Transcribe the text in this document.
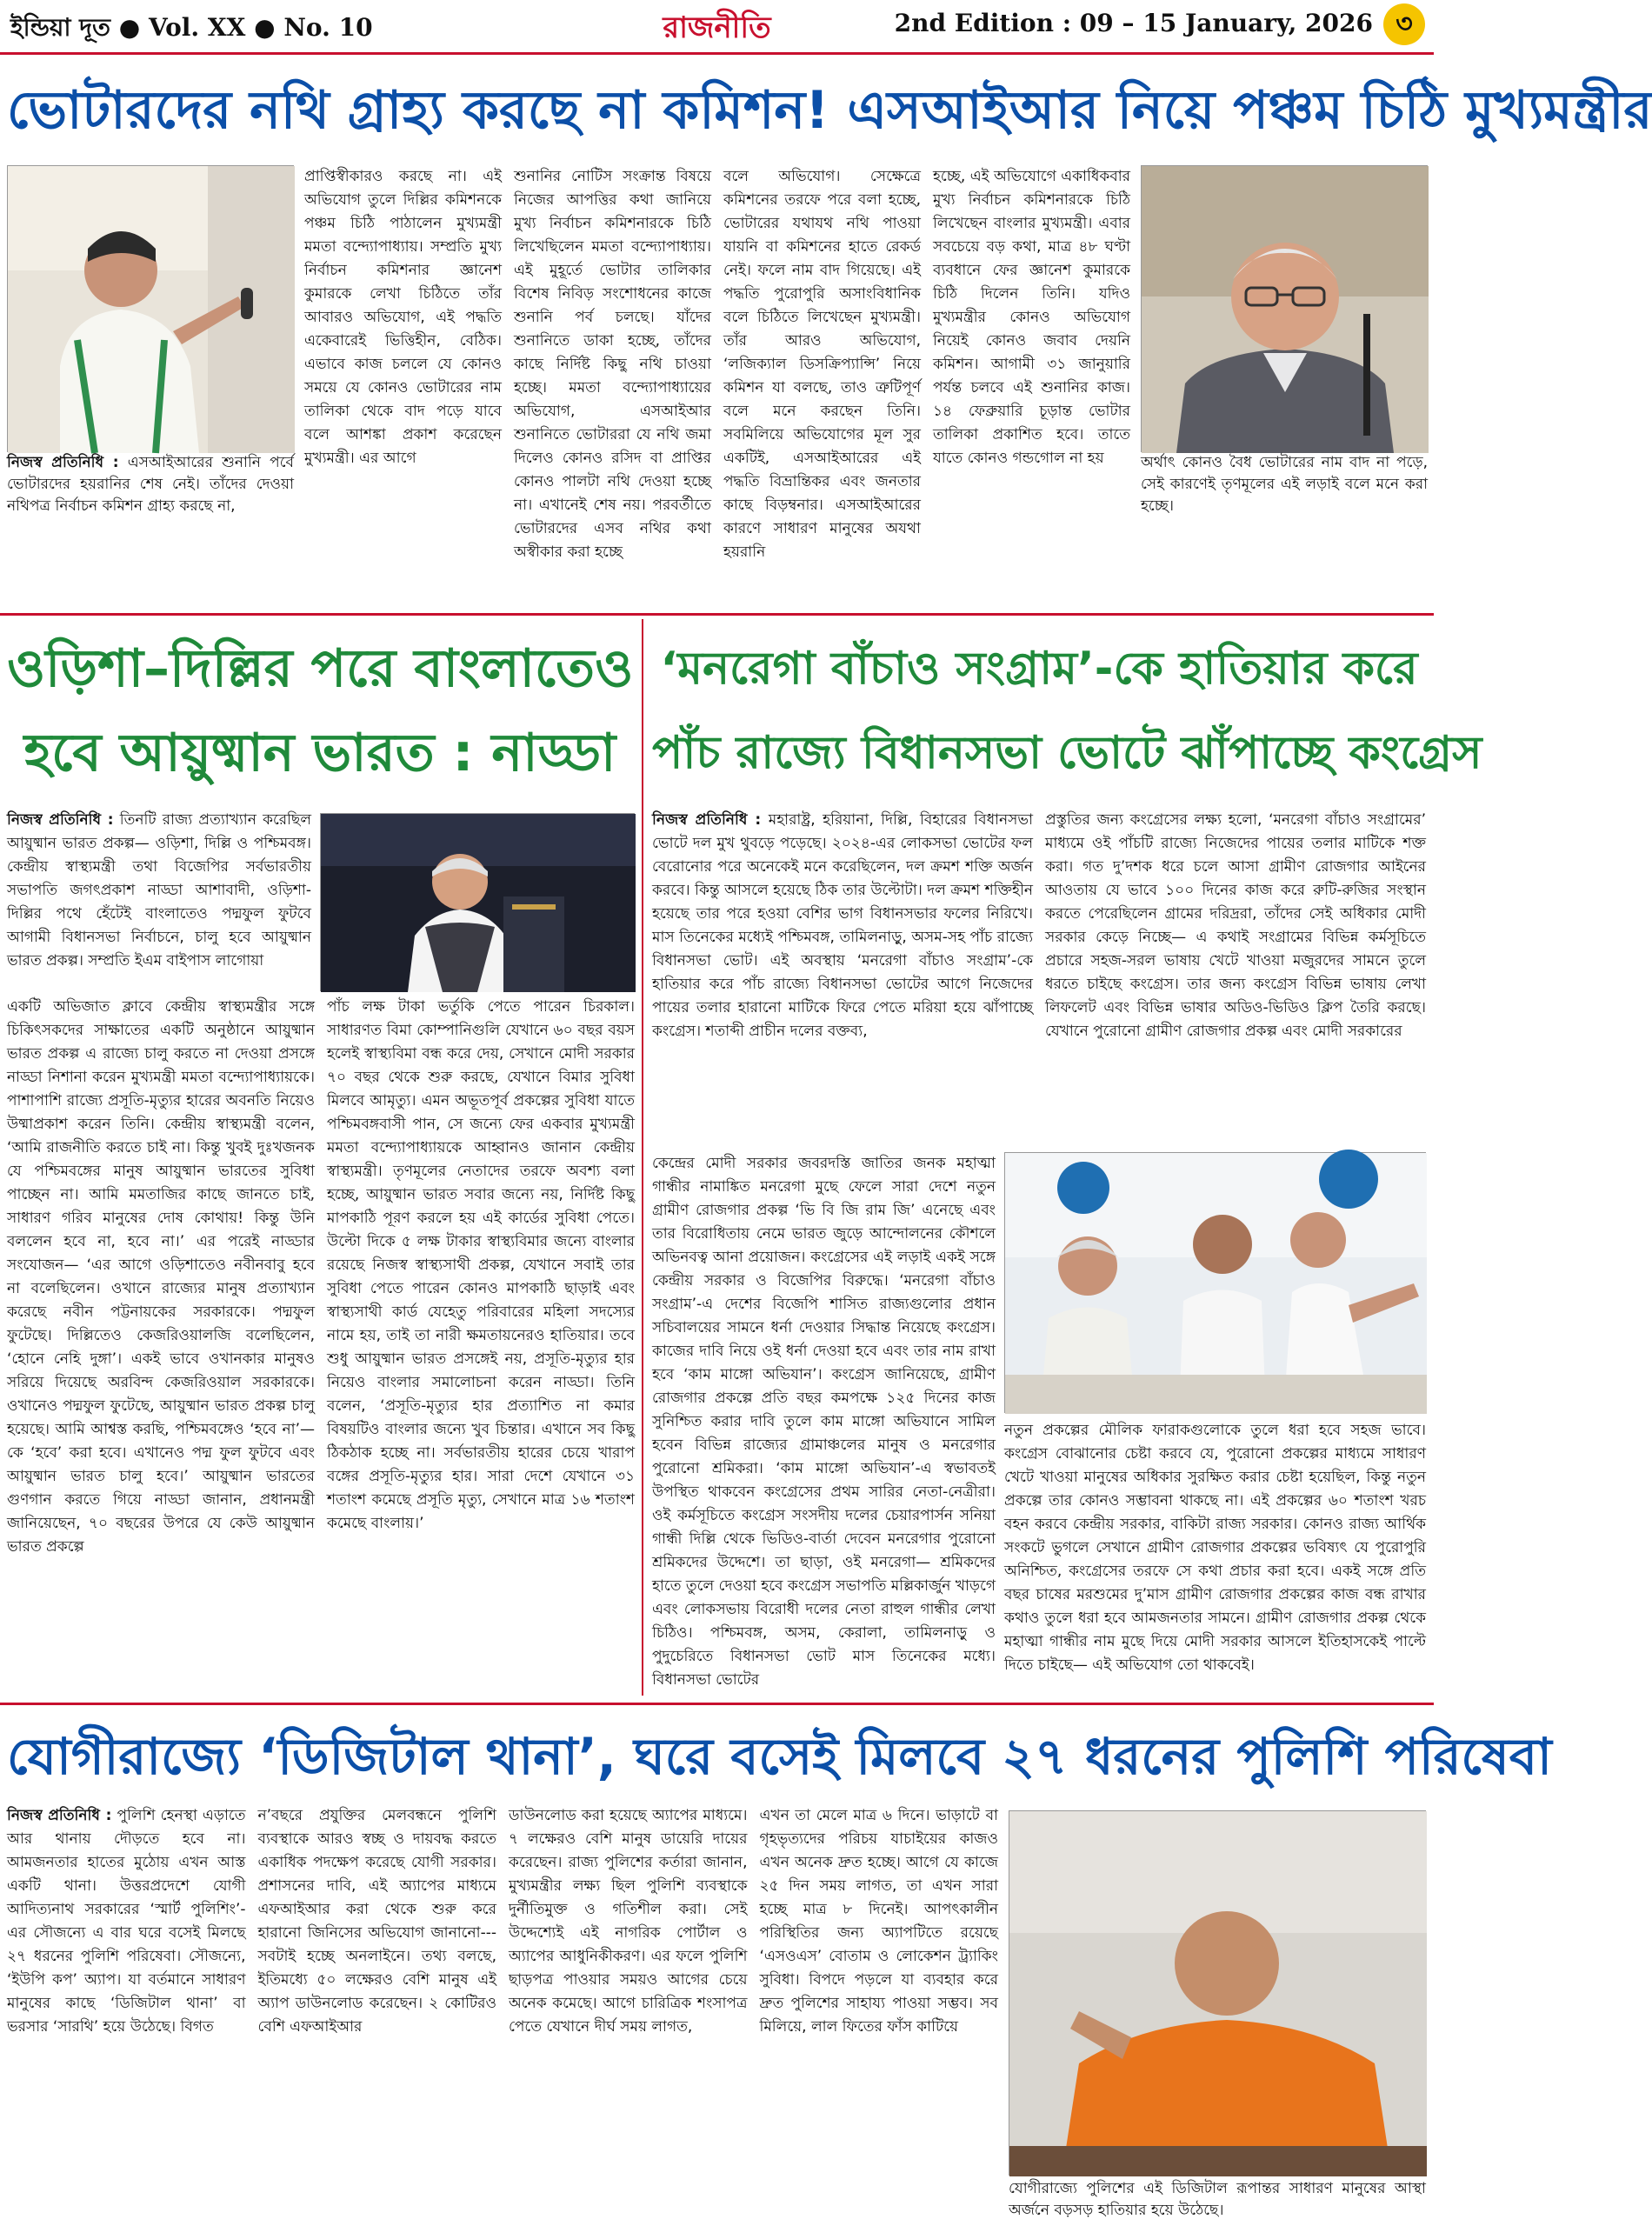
ইন্ডিয়া দূত ● Vol. XX ● No. 10	রাজনীতি	2nd Edition : 09 – 15 January, 2026 ৩
ভোটারদের নথি গ্রাহ্য করছে না কমিশন! এসআইআর নিয়ে পঞ্চম চিঠি মুখ্যমন্ত্রীর
নিজস্ব প্রতিনিধি : এসআইআরের শুনানি পর্বে ভোটারদের হয়রানির শেষ নেই। তাঁদের দেওয়া নথিপত্র নির্বাচন কমিশন গ্রাহ্য করছে না,
প্রাপ্তিস্বীকারও করছে না। এই অভিযোগ তুলে দিল্লির কমিশনকে পঞ্চম চিঠি পাঠালেন মুখ্যমন্ত্রী মমতা বন্দ্যোপাধ্যায়। সম্প্রতি মুখ্য নির্বাচন কমিশনার জ্ঞানেশ কুমারকে লেখা চিঠিতে তাঁর আবারও অভিযোগ, এই পদ্ধতি একেবারেই ভিত্তিহীন, বেঠিক। এভাবে কাজ চললে যে কোনও সময়ে যে কোনও ভোটারের নাম তালিকা থেকে বাদ পড়ে যাবে বলে আশঙ্কা প্রকাশ করেছেন মুখ্যমন্ত্রী। এর আগে
শুনানির নোটিস সংক্রান্ত বিষয়ে নিজের আপত্তির কথা জানিয়ে মুখ্য নির্বাচন কমিশনারকে চিঠি লিখেছিলেন মমতা বন্দ্যোপাধ্যায়। এই মুহূর্তে ভোটার তালিকার বিশেষ নিবিড় সংশোধনের কাজে শুনানি পর্ব চলছে। যাঁদের শুনানিতে ডাকা হচ্ছে, তাঁদের কাছে নির্দিষ্ট কিছু নথি চাওয়া হচ্ছে। মমতা বন্দ্যোপাধ্যায়ের অভিযোগ, এসআইআর শুনানিতে ভোটাররা যে নথি জমা দিলেও কোনও রসিদ বা প্রাপ্তির কোনও পালটা নথি দেওয়া হচ্ছে না। এখানেই শেষ নয়। পরবর্তীতে ভোটারদের এসব নথির কথা অস্বীকার করা হচ্ছে
বলে অভিযোগ। সেক্ষেত্রে কমিশনের তরফে পরে বলা হচ্ছে, ভোটারের যথাযথ নথি পাওয়া যায়নি বা কমিশনের হাতে রেকর্ড নেই। ফলে নাম বাদ গিয়েছে। এই পদ্ধতি পুরোপুরি অসাংবিধানিক বলে চিঠিতে লিখেছেন মুখ্যমন্ত্রী। তাঁর আরও অভিযোগ, ‘লজিক্যাল ডিসক্রিপ্যান্সি’ নিয়ে কমিশন যা বলছে, তাও ত্রুটিপূর্ণ বলে মনে করছেন তিনি। সবমিলিয়ে অভিযোগের মূল সুর একটিই, এসআইআরের এই পদ্ধতি বিভ্রান্তিকর এবং জনতার কাছে বিড়ম্বনার। এসআইআরের কারণে সাধারণ মানুষের অযথা হয়রানি
হচ্ছে, এই অভিযোগে একাধিকবার মুখ্য নির্বাচন কমিশনারকে চিঠি লিখেছেন বাংলার মুখ্যমন্ত্রী। এবার সবচেয়ে বড় কথা, মাত্র ৪৮ ঘণ্টা ব্যবধানে ফের জ্ঞানেশ কুমারকে চিঠি দিলেন তিনি। যদিও মুখ্যমন্ত্রীর কোনও অভিযোগ নিয়েই কোনও জবাব দেয়নি কমিশন। আগামী ৩১ জানুয়ারি পর্যন্ত চলবে এই শুনানির কাজ। ১৪ ফেব্রুয়ারি চূড়ান্ত ভোটার তালিকা প্রকাশিত হবে। তাতে যাতে কোনও গন্ডগোল না হয়	অর্থাৎ কোনও বৈধ ভোটারের নাম বাদ না পড়ে, সেই কারণেই তৃণমূলের এই লড়াই বলে মনে করা হচ্ছে।
ওড়িশা–দিল্লির পরে বাংলাতেও
হবে আয়ুষ্মান ভারত : নাড্ডা
নিজস্ব প্রতিনিধি : তিনটি রাজ্য প্রত্যাখ্যান করেছিল আয়ুষ্মান ভারত প্রকল্প— ওড়িশা, দিল্লি ও পশ্চিমবঙ্গ। কেন্দ্রীয় স্বাস্থ্যমন্ত্রী তথা বিজেপির সর্বভারতীয় সভাপতি জগৎপ্রকাশ নাড্ডা আশাবাদী, ওড়িশা-দিল্লির পথে হেঁটেই বাংলাতেও পদ্মফুল ফুটবে আগামী বিধানসভা নির্বাচনে, চালু হবে আয়ুষ্মান ভারত প্রকল্প। সম্প্রতি ইএম বাইপাস লাগোয়া
একটি অভিজাত ক্লাবে কেন্দ্রীয় স্বাস্থ্যমন্ত্রীর সঙ্গে চিকিৎসকদের সাক্ষাতের একটি অনুষ্ঠানে আয়ুষ্মান ভারত প্রকল্প এ রাজ্যে চালু করতে না দেওয়া প্রসঙ্গে নাড্ডা নিশানা করেন মুখ্যমন্ত্রী মমতা বন্দ্যোপাধ্যায়কে। পাশাপাশি রাজ্যে প্রসূতি-মৃত্যুর হারের অবনতি নিয়েও উষ্মাপ্রকাশ করেন তিনি। কেন্দ্রীয় স্বাস্থ্যমন্ত্রী বলেন, ‘আমি রাজনীতি করতে চাই না। কিন্তু খুবই দুঃখজনক যে পশ্চিমবঙ্গের মানুষ আয়ুষ্মান ভারতের সুবিধা পাচ্ছেন না। আমি মমতাজির কাছে জানতে চাই, সাধারণ গরিব মানুষের দোষ কোথায়! কিন্তু উনি বললেন হবে না, হবে না।’ এর পরেই নাড্ডার সংযোজন— ‘এর আগে ওড়িশাতেও নবীনবাবু হবে না বলেছিলেন। ওখানে রাজ্যের মানুষ প্রত্যাখ্যান করেছে নবীন পট্টনায়কের সরকারকে। পদ্মফুল ফুটেছে। দিল্লিতেও কেজরিওয়ালজি বলেছিলেন, ‘হোনে নেহি দুঙ্গা’। একই ভাবে ওখানকার মানুষও সরিয়ে দিয়েছে অরবিন্দ কেজরিওয়াল সরকারকে। ওখানেও পদ্মফুল ফুটেছে, আয়ুষ্মান ভারত প্রকল্প চালু হয়েছে। আমি আশ্বস্ত করছি, পশ্চিমবঙ্গেও ‘হবে না’— কে ‘হবে’ করা হবে। এখানেও পদ্ম ফুল ফুটবে এবং আয়ুষ্মান ভারত চালু হবে।’ আয়ুষ্মান ভারতের গুণগান করতে গিয়ে নাড্ডা জানান, প্রধানমন্ত্রী জানিয়েছেন, ৭০ বছরের উপরে যে কেউ আয়ুষ্মান ভারত প্রকল্পে
পাঁচ লক্ষ টাকা ভর্তুকি পেতে পারেন চিরকাল। সাধারণত বিমা কোম্পানিগুলি যেখানে ৬০ বছর বয়স হলেই স্বাস্থ্যবিমা বন্ধ করে দেয়, সেখানে মোদী সরকার ৭০ বছর থেকে শুরু করছে, যেখানে বিমার সুবিধা মিলবে আমৃত্যু। এমন অভূতপূর্ব প্রকল্পের সুবিধা যাতে পশ্চিমবঙ্গবাসী পান, সে জন্যে ফের একবার মুখ্যমন্ত্রী মমতা বন্দ্যোপাধ্যায়কে আহ্বানও জানান কেন্দ্রীয় স্বাস্থ্যমন্ত্রী। তৃণমূলের নেতাদের তরফে অবশ্য বলা হচ্ছে, আয়ুষ্মান ভারত সবার জন্যে নয়, নির্দিষ্ট কিছু মাপকাঠি পূরণ করলে হয় এই কার্ডের সুবিধা পেতে। উল্টো দিকে ৫ লক্ষ টাকার স্বাস্থ্যবিমার জন্যে বাংলার রয়েছে নিজস্ব স্বাস্থ্যসাথী প্রকল্প, যেখানে সবাই তার সুবিধা পেতে পারেন কোনও মাপকাঠি ছাড়াই এবং স্বাস্থ্যসাথী কার্ড যেহেতু পরিবারের মহিলা সদস্যের নামে হয়, তাই তা নারী ক্ষমতায়নেরও হাতিয়ার। তবে শুধু আয়ুষ্মান ভারত প্রসঙ্গেই নয়, প্রসূতি-মৃত্যুর হার নিয়েও বাংলার সমালোচনা করেন নাড্ডা। তিনি বলেন, ‘প্রসূতি-মৃত্যুর হার প্রত্যাশিত না কমার বিষয়টিও বাংলার জন্যে খুব চিন্তার। এখানে সব কিছু ঠিকঠাক হচ্ছে না। সর্বভারতীয় হারের চেয়ে খারাপ বঙ্গের প্রসূতি-মৃত্যুর হার। সারা দেশে যেখানে ৩১ শতাংশ কমেছে প্রসূতি মৃত্যু, সেখানে মাত্র ১৬ শতাংশ কমেছে বাংলায়।’
‘মনরেগা বাঁচাও সংগ্রাম’-কে হাতিয়ার করে
পাঁচ রাজ্যে বিধানসভা ভোটে ঝাঁপাচ্ছে কংগ্রেস
নিজস্ব প্রতিনিধি : মহারাষ্ট্র, হরিয়ানা, দিল্লি, বিহারের বিধানসভা ভোটে দল মুখ থুবড়ে পড়েছে। ২০২৪-এর লোকসভা ভোটের ফল বেরোনোর পরে অনেকেই মনে করেছিলেন, দল ক্রমশ শক্তি অর্জন করবে। কিন্তু আসলে হয়েছে ঠিক তার উল্টোটা। দল ক্রমশ শক্তিহীন হয়েছে তার পরে হওয়া বেশির ভাগ বিধানসভার ফলের নিরিখে। মাস তিনেকের মধ্যেই পশ্চিমবঙ্গ, তামিলনাড়ু, অসম-সহ পাঁচ রাজ্যে বিধানসভা ভোট। এই অবস্থায় ‘মনরেগা বাঁচাও সংগ্রাম’-কে হাতিয়ার করে পাঁচ রাজ্যে বিধানসভা ভোটের আগে নিজেদের পায়ের তলার হারানো মাটিকে ফিরে পেতে মরিয়া হয়ে ঝাঁপাচ্ছে কংগ্রেস। শতাব্দী প্রাচীন দলের বক্তব্য,
প্রস্তুতির জন্য কংগ্রেসের লক্ষ্য হলো, ‘মনরেগা বাঁচাও সংগ্রামের’ মাধ্যমে ওই পাঁচটি রাজ্যে নিজেদের পায়ের তলার মাটিকে শক্ত করা। গত দু’দশক ধরে চলে আসা গ্রামীণ রোজগার আইনের আওতায় যে ভাবে ১০০ দিনের কাজ করে রুটি-রুজির সংস্থান করতে পেরেছিলেন গ্রামের দরিদ্ররা, তাঁদের সেই অধিকার মোদী সরকার কেড়ে নিচ্ছে— এ কথাই সংগ্রামের বিভিন্ন কর্মসূচিতে প্রচারে সহজ-সরল ভাষায় খেটে খাওয়া মজুরদের সামনে তুলে ধরতে চাইছে কংগ্রেস। তার জন্য কংগ্রেস বিভিন্ন ভাষায় লেখা লিফলেট এবং বিভিন্ন ভাষার অডিও-ভিডিও ক্লিপ তৈরি করছে। যেখানে পুরোনো গ্রামীণ রোজগার প্রকল্প এবং মোদী সরকারের
কেন্দ্রের মোদী সরকার জবরদস্তি জাতির জনক মহাত্মা গান্ধীর নামাঙ্কিত মনরেগা মুছে ফেলে সারা দেশে নতুন গ্রামীণ রোজগার প্রকল্প ‘ভি বি জি রাম জি’ এনেছে এবং তার বিরোধিতায় নেমে ভারত জুড়ে আন্দোলনের কৌশলে অভিনবত্ব আনা প্রয়োজন। কংগ্রেসের এই লড়াই একই সঙ্গে কেন্দ্রীয় সরকার ও বিজেপির বিরুদ্ধে। ‘মনরেগা বাঁচাও সংগ্রাম’-এ দেশের বিজেপি শাসিত রাজ্যগুলোর প্রধান সচিবালয়ের সামনে ধর্না দেওয়ার সিদ্ধান্ত নিয়েছে কংগ্রেস। কাজের দাবি নিয়ে ওই ধর্না দেওয়া হবে এবং তার নাম রাখা হবে ‘কাম মাঙ্গো অভিযান’। কংগ্রেস জানিয়েছে, গ্রামীণ রোজগার প্রকল্পে প্রতি বছর কমপক্ষে ১২৫ দিনের কাজ সুনিশ্চিত করার দাবি তুলে কাম মাঙ্গো অভিযানে সামিল হবেন বিভিন্ন রাজ্যের গ্রামাঞ্চলের মানুষ ও মনরেগার পুরোনো শ্রমিকরা। ‘কাম মাঙ্গো অভিযান’-এ স্বভাবতই উপস্থিত থাকবেন কংগ্রেসের প্রথম সারির নেতা-নেত্রীরা। ওই কর্মসূচিতে কংগ্রেস সংসদীয় দলের চেয়ারপার্সন সনিয়া গান্ধী দিল্লি থেকে ভিডিও-বার্তা দেবেন মনরেগার পুরোনো শ্রমিকদের উদ্দেশে। তা ছাড়া, ওই মনরেগা— শ্রমিকদের হাতে তুলে দেওয়া হবে কংগ্রেস সভাপতি মল্লিকার্জুন খাড়গে এবং লোকসভায় বিরোধী দলের নেতা রাহুল গান্ধীর লেখা চিঠিও। পশ্চিমবঙ্গ, অসম, কেরালা, তামিলনাড়ু ও পুদুচেরিতে বিধানসভা ভোট মাস তিনেকের মধ্যে। বিধানসভা ভোটের
নতুন প্রকল্পের মৌলিক ফারাকগুলোকে তুলে ধরা হবে সহজ ভাবে। কংগ্রেস বোঝানোর চেষ্টা করবে যে, পুরোনো প্রকল্পের মাধ্যমে সাধারণ খেটে খাওয়া মানুষের অধিকার সুরক্ষিত করার চেষ্টা হয়েছিল, কিন্তু নতুন প্রকল্পে তার কোনও সম্ভাবনা থাকছে না। এই প্রকল্পের ৬০ শতাংশ খরচ বহন করবে কেন্দ্রীয় সরকার, বাকিটা রাজ্য সরকার। কোনও রাজ্য আর্থিক সংকটে ভুগলে সেখানে গ্রামীণ রোজগার প্রকল্পের ভবিষ্যৎ যে পুরোপুরি অনিশ্চিত, কংগ্রেসের তরফে সে কথা প্রচার করা হবে। একই সঙ্গে প্রতি বছর চাষের মরশুমের দু’মাস গ্রামীণ রোজগার প্রকল্পের কাজ বন্ধ রাখার কথাও তুলে ধরা হবে আমজনতার সামনে। গ্রামীণ রোজগার প্রকল্প থেকে মহাত্মা গান্ধীর নাম মুছে দিয়ে মোদী সরকার আসলে ইতিহাসকেই পাল্টে দিতে চাইছে— এই অভিযোগ তো থাকবেই।
যোগীরাজ্যে ‘ডিজিটাল থানা’, ঘরে বসেই মিলবে ২৭ ধরনের পুলিশি পরিষেবা
নিজস্ব প্রতিনিধি : পুলিশি হেনস্থা এড়াতে আর থানায় দৌড়তে হবে না। আমজনতার হাতের মুঠোয় এখন আস্ত একটি থানা। উত্তরপ্রদেশে যোগী আদিত্যনাথ সরকারের ‘স্মার্ট পুলিশিং’-এর সৌজন্যে এ বার ঘরে বসেই মিলছে ২৭ ধরনের পুলিশি পরিষেবা। সৌজন্যে, ‘ইউপি কপ’ অ্যাপ। যা বর্তমানে সাধারণ মানুষের কাছে ‘ডিজিটাল থানা’ বা ভরসার ‘সারথি’ হয়ে উঠেছে। বিগত
ন’বছরে প্রযুক্তির মেলবন্ধনে পুলিশি ব্যবস্থাকে আরও স্বচ্ছ ও দায়বদ্ধ করতে একাধিক পদক্ষেপ করেছে যোগী সরকার। প্রশাসনের দাবি, এই অ্যাপের মাধ্যমে এফআইআর করা থেকে শুরু করে হারানো জিনিসের অভিযোগ জানানো--- সবটাই হচ্ছে অনলাইনে। তথ্য বলছে, ইতিমধ্যে ৫০ লক্ষেরও বেশি মানুষ এই অ্যাপ ডাউনলোড করেছেন। ২ কোটিরও বেশি এফআইআর
ডাউনলোড করা হয়েছে অ্যাপের মাধ্যমে। ৭ লক্ষেরও বেশি মানুষ ডায়েরি দায়ের করেছেন। রাজ্য পুলিশের কর্তারা জানান, মুখ্যমন্ত্রীর লক্ষ্য ছিল পুলিশি ব্যবস্থাকে দুর্নীতিমুক্ত ও গতিশীল করা। সেই উদ্দেশ্যেই এই নাগরিক পোর্টাল ও অ্যাপের আধুনিকীকরণ। এর ফলে পুলিশি ছাড়পত্র পাওয়ার সময়ও আগের চেয়ে অনেক কমেছে। আগে চারিত্রিক শংসাপত্র পেতে যেখানে দীর্ঘ সময় লাগত,
এখন তা মেলে মাত্র ৬ দিনে। ভাড়াটে বা গৃহভৃত্যদের পরিচয় যাচাইয়ের কাজও এখন অনেক দ্রুত হচ্ছে। আগে যে কাজে ২৫ দিন সময় লাগত, তা এখন সারা হচ্ছে মাত্র ৮ দিনেই। আপৎকালীন পরিস্থিতির জন্য অ্যাপটিতে রয়েছে ‘এসওএস’ বোতাম ও লোকেশন ট্র্যাকিং সুবিধা। বিপদে পড়লে যা ব্যবহার করে দ্রুত পুলিশের সাহায্য পাওয়া সম্ভব। সব মিলিয়ে, লাল ফিতের ফাঁস কাটিয়ে
যোগীরাজ্যে পুলিশের এই ডিজিটাল রূপান্তর সাধারণ মানুষের আস্থা অর্জনে বড়সড় হাতিয়ার হয়ে উঠেছে।
